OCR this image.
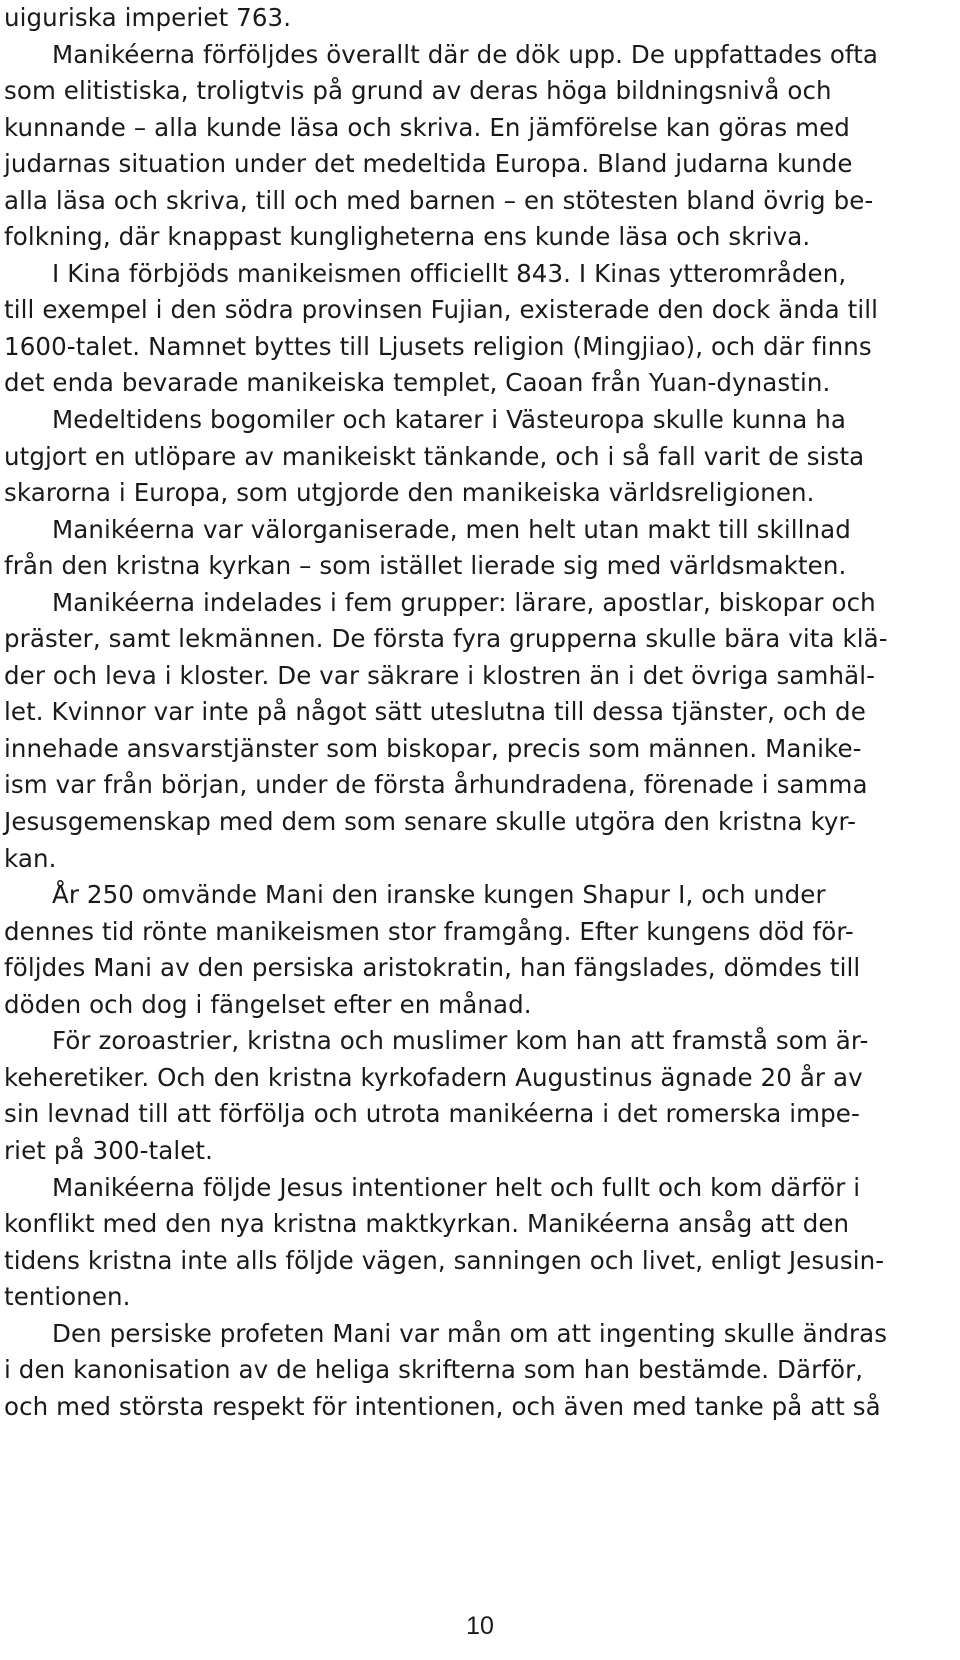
uiguriska imperiet 763.
Manikéerna förföljdes överallt där de dök upp. De uppfattades ofta
som elitistiska, troligtvis på grund av deras höga bildningsnivå och
kunnande – alla kunde läsa och skriva. En jämförelse kan göras med
judarnas situation under det medeltida Europa. Bland judarna kunde
alla läsa och skriva, till och med barnen – en stötesten bland övrig be-
folkning, där knappast kungligheterna ens kunde läsa och skriva.
I Kina förbjöds manikeismen officiellt 843. I Kinas ytterområden,
till exempel i den södra provinsen Fujian, existerade den dock ända till
1600-talet. Namnet byttes till Ljusets religion (Mingjiao), och där finns
det enda bevarade manikeiska templet, Caoan från Yuan-dynastin.
Medeltidens bogomiler och katarer i Västeuropa skulle kunna ha
utgjort en utlöpare av manikeiskt tänkande, och i så fall varit de sista
skarorna i Europa, som utgjorde den manikeiska världsreligionen.
Manikéerna var välorganiserade, men helt utan makt till skillnad
från den kristna kyrkan – som istället lierade sig med världsmakten.
Manikéerna indelades i fem grupper: lärare, apostlar, biskopar och
präster, samt lekmännen. De första fyra grupperna skulle bära vita klä-
der och leva i kloster. De var säkrare i klostren än i det övriga samhäl-
let. Kvinnor var inte på något sätt uteslutna till dessa tjänster, och de
innehade ansvarstjänster som biskopar, precis som männen. Manike-
ism var från början, under de första århundradena, förenade i samma
Jesusgemenskap med dem som senare skulle utgöra den kristna kyr-
kan.
År 250 omvände Mani den iranske kungen Shapur I, och under
dennes tid rönte manikeismen stor framgång. Efter kungens död för-
följdes Mani av den persiska aristokratin, han fängslades, dömdes till
döden och dog i fängelset efter en månad.
För zoroastrier, kristna och muslimer kom han att framstå som är-
keheretiker. Och den kristna kyrkofadern Augustinus ägnade 20 år av
sin levnad till att förfölja och utrota manikéerna i det romerska impe-
riet på 300-talet.
Manikéerna följde Jesus intentioner helt och fullt och kom därför i
konflikt med den nya kristna maktkyrkan. Manikéerna ansåg att den
tidens kristna inte alls följde vägen, sanningen och livet, enligt Jesusin-
tentionen.
Den persiske profeten Mani var mån om att ingenting skulle ändras
i den kanonisation av de heliga skrifterna som han bestämde. Därför,
och med största respekt för intentionen, och även med tanke på att så
10
